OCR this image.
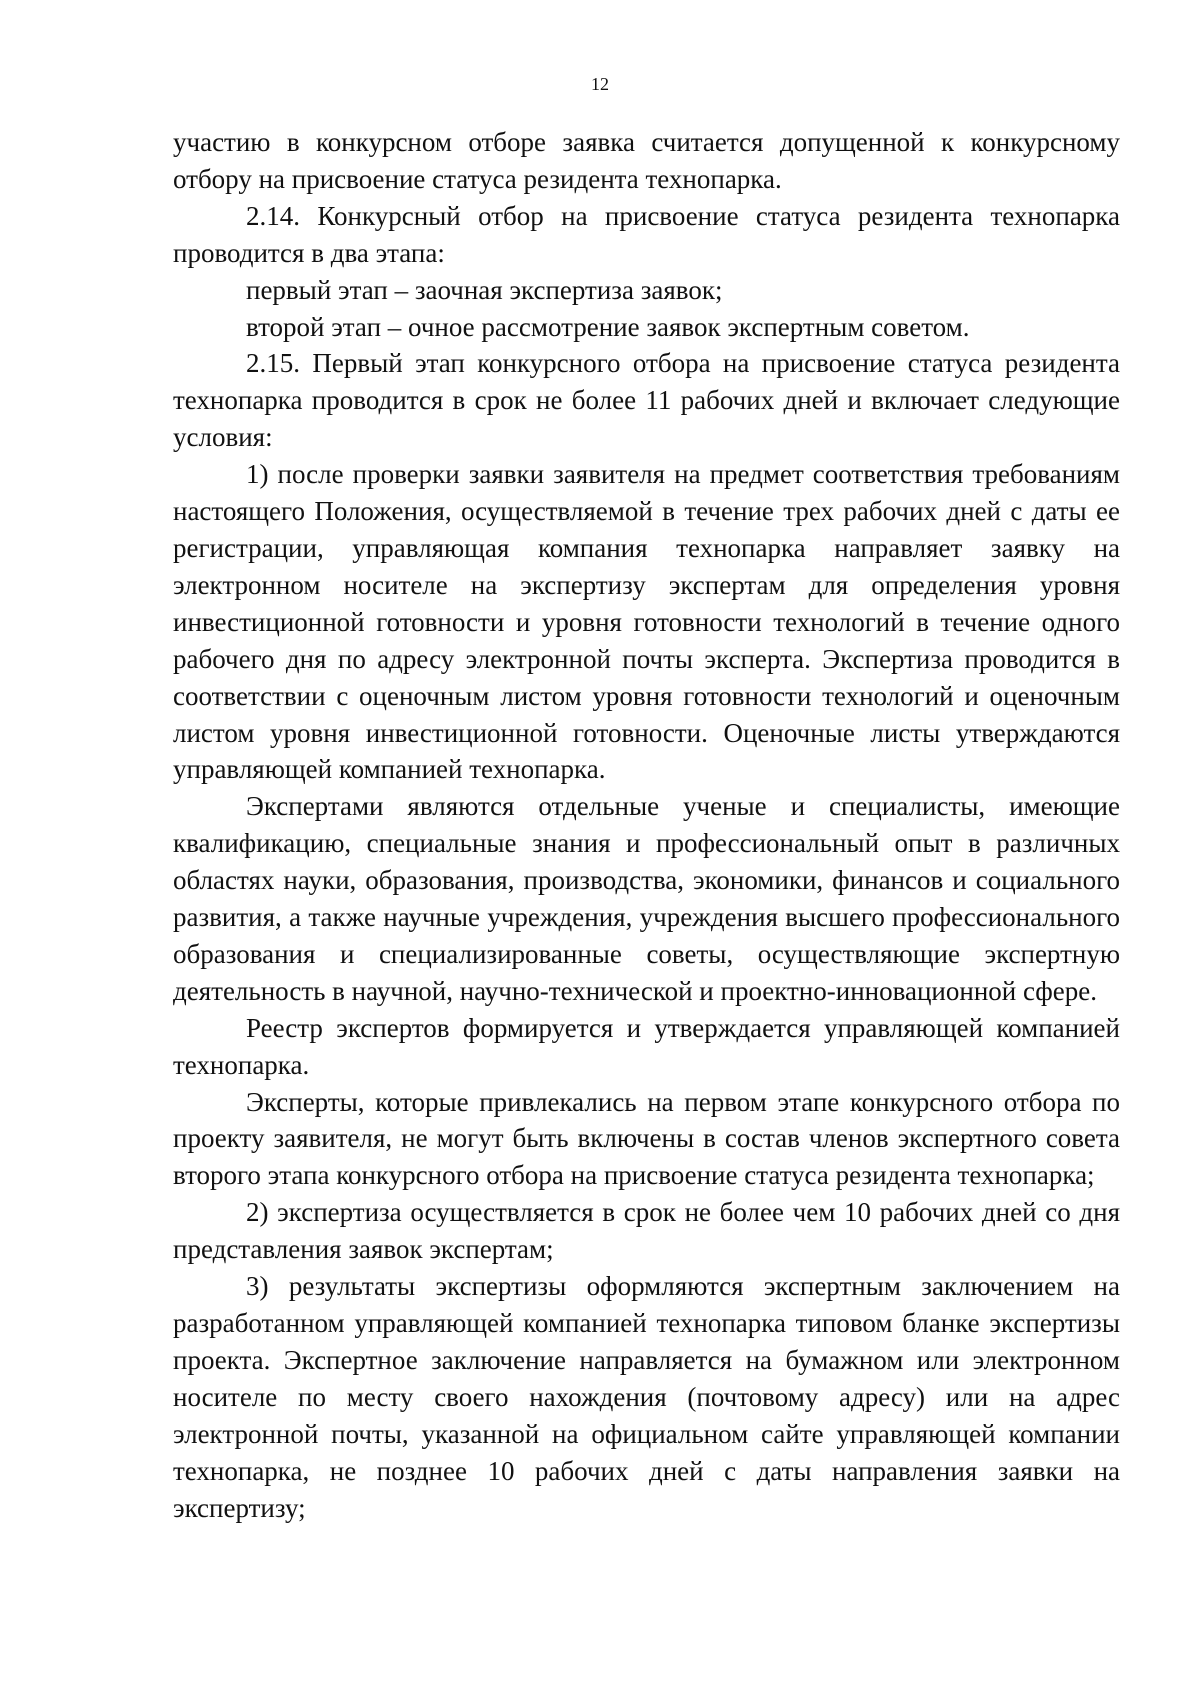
12

участию в конкурсном отборе заявка считается допущенной к конкурсному отбору на присвоение статуса резидента технопарка.

2.14. Конкурсный отбор на присвоение статуса резидента технопарка проводится в два этапа:

первый этап – заочная экспертиза заявок;

второй этап – очное рассмотрение заявок экспертным советом.

2.15. Первый этап конкурсного отбора на присвоение статуса резидента технопарка проводится в срок не более 11 рабочих дней и включает следующие условия:

1) после проверки заявки заявителя на предмет соответствия требованиям настоящего Положения, осуществляемой в течение трех рабочих дней с даты ее регистрации, управляющая компания технопарка направляет заявку на электронном носителе на экспертизу экспертам для определения уровня инвестиционной готовности и уровня готовности технологий в течение одного рабочего дня по адресу электронной почты эксперта. Экспертиза проводится в соответствии с оценочным листом уровня готовности технологий и оценочным листом уровня инвестиционной готовности. Оценочные листы утверждаются управляющей компанией технопарка.

Экспертами являются отдельные ученые и специалисты, имеющие квалификацию, специальные знания и профессиональный опыт в различных областях науки, образования, производства, экономики, финансов и социального развития, а также научные учреждения, учреждения высшего профессионального образования и специализированные советы, осуществляющие экспертную деятельность в научной, научно-технической и проектно-инновационной сфере.

Реестр экспертов формируется и утверждается управляющей компанией технопарка.

Эксперты, которые привлекались на первом этапе конкурсного отбора по проекту заявителя, не могут быть включены в состав членов экспертного совета второго этапа конкурсного отбора на присвоение статуса резидента технопарка;

2) экспертиза осуществляется в срок не более чем 10 рабочих дней со дня представления заявок экспертам;

3) результаты экспертизы оформляются экспертным заключением на разработанном управляющей компанией технопарка типовом бланке экспертизы проекта. Экспертное заключение направляется на бумажном или электронном носителе по месту своего нахождения (почтовому адресу) или на адрес электронной почты, указанной на официальном сайте управляющей компании технопарка, не позднее 10 рабочих дней с даты направления заявки на экспертизу;
